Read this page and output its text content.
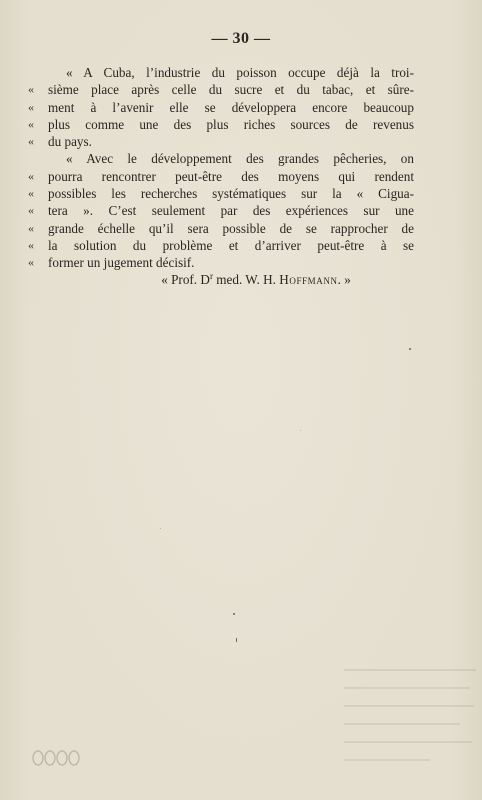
— 30 —
« A Cuba, l’industrie du poisson occupe déjà la troi-
« sième place après celle du sucre et du tabac, et sûre-
« ment à l’avenir elle se développera encore beaucoup
« plus comme une des plus riches sources de revenus
« du pays.
« Avec le développement des grandes pêcheries, on
« pourra rencontrer peut-être des moyens qui rendent
« possibles les recherches systématiques sur la « Cigua-
« tera ». C’est seulement par des expériences sur une
« grande échelle qu’il sera possible de se rapprocher de
« la solution du problème et d’arriver peut-être à se
« former un jugement décisif.
« Prof. $D^r$ med. W. H. Hoffmann. »
